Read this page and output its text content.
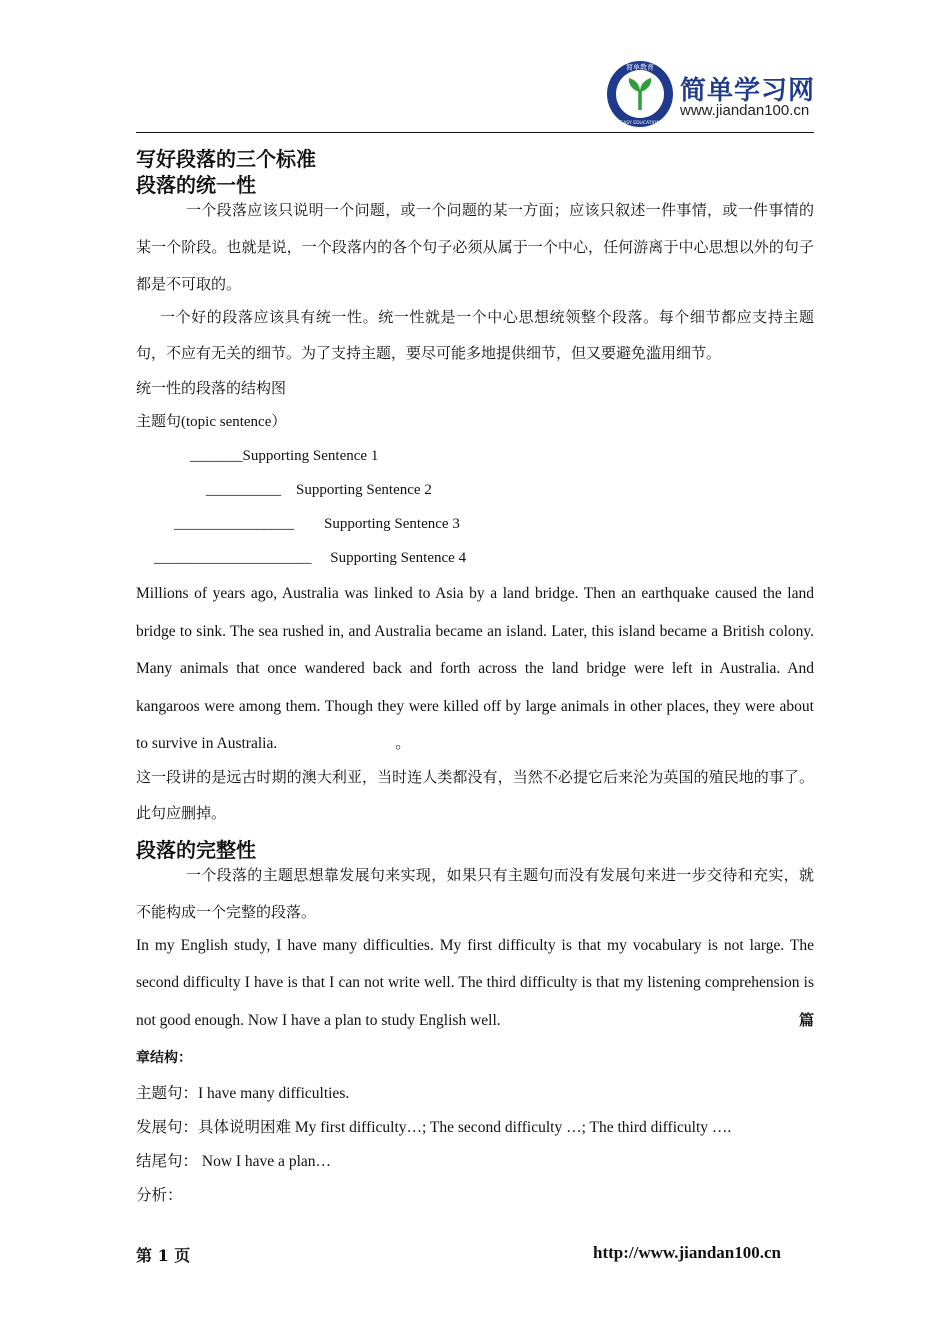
简单教育
EASY EDUCATION
简单学习网
www.jiandan100.cn
写好段落的三个标准
段落的统一性

一个段落应该只说明一个问题，或一个问题的某一方面；应该只叙述一件事情，或一件事情的某一个阶段。也就是说，一个段落内的各个句子必须从属于一个中心，任何游离于中心思想以外的句子都是不可取的。

一个好的段落应该具有统一性。统一性就是一个中心思想统领整个段落。每个细节都应支持主题句，不应有无关的细节。为了支持主题，要尽可能多地提供细节，但又要避免滥用细节。

统一性的段落的结构图

主题句(topic sentence）

_______Supporting Sentence 1

__________    Supporting Sentence 2

________________        Supporting Sentence 3

_____________________     Supporting Sentence 4

Millions of years ago, Australia was linked to Asia by a land bridge. Then an earthquake caused the land bridge to sink. The sea rushed in, and Australia became an island. Later, this island became a British colony. Many animals that once wandered back and forth across the land bridge were left in Australia. And kangaroos were among them. Though they were killed off by large animals in other places, they were about to survive in Australia.	。

这一段讲的是远古时期的澳大利亚，当时连人类都没有，当然不必提它后来沦为英国的殖民地的事了。此句应删掉。

段落的完整性

一个段落的主题思想靠发展句来实现，如果只有主题句而没有发展句来进一步交待和充实，就不能构成一个完整的段落。

In my English study, I have many difficulties. My first difficulty is that my vocabulary is not large. The second difficulty I have is that I can not write well. The third difficulty is that my listening comprehension is not good enough. Now I have a plan to study English well.	篇

章结构：

主题句：I have many difficulties.

发展句：具体说明困难 My first difficulty…; The second difficulty …; The third difficulty ….

结尾句： Now I have a plan…

分析：

第 1 页	http://www.jiandan100.cn
